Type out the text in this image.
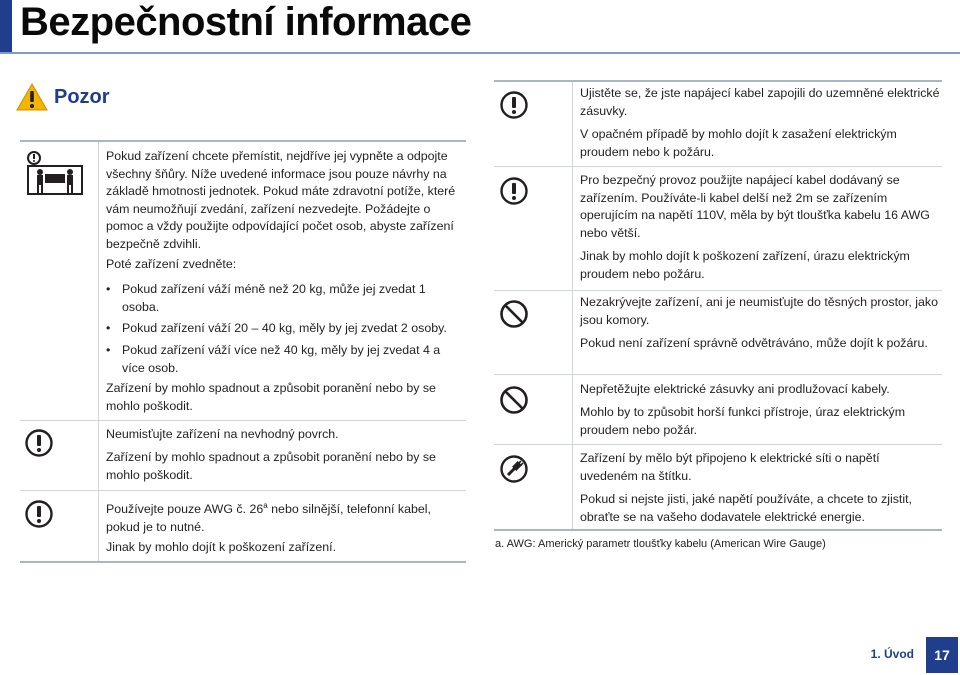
Bezpečnostní informace
Pozor

Pokud zařízení chcete přemístit, nejdříve jej vypněte a odpojte všechny šňůry. Níže uvedené informace jsou pouze návrhy na základě hmotnosti jednotek. Pokud máte zdravotní potíže, které vám neumožňují zvedání, zařízení nezvedejte. Požádejte o pomoc a vždy použijte odpovídající počet osob, abyste zařízení bezpečně zdvihli.

Poté zařízení zvedněte:

• Pokud zařízení váží méně než 20 kg, může jej zvedat 1 osoba.
• Pokud zařízení váží 20 – 40 kg, měly by jej zvedat 2 osoby.
• Pokud zařízení váží více než 40 kg, měly by jej zvedat 4 a více osob.

Zařízení by mohlo spadnout a způsobit poranění nebo by se mohlo poškodit.

Neumisťujte zařízení na nevhodný povrch.

Zařízení by mohlo spadnout a způsobit poranění nebo by se mohlo poškodit.

Používejte pouze AWG č. 26$^a$ nebo silnější, telefonní kabel, pokud je to nutné.

Jinak by mohlo dojít k poškození zařízení.

Ujistěte se, že jste napájecí kabel zapojili do uzemněné elektrické zásuvky.

V opačném případě by mohlo dojít k zasažení elektrickým proudem nebo k požáru.

Pro bezpečný provoz použijte napájecí kabel dodávaný se zařízením. Používáte-li kabel delší než 2m se zařízením operujícím na napětí 110V, měla by být tloušťka kabelu 16 AWG nebo větší.

Jinak by mohlo dojít k poškození zařízení, úrazu elektrickým proudem nebo požáru.

Nezakrývejte zařízení, ani je neumisťujte do těsných prostor, jako jsou komory.

Pokud není zařízení správně odvětráváno, může dojít k požáru.

Nepřetěžujte elektrické zásuvky ani prodlužovací kabely.

Mohlo by to způsobit horší funkci přístroje, úraz elektrickým proudem nebo požár.

Zařízení by mělo být připojeno k elektrické síti o napětí uvedeném na štítku.

Pokud si nejste jisti, jaké napětí používáte, a chcete to zjistit, obraťte se na vašeho dodavatele elektrické energie.

a. AWG: Americký parametr tloušťky kabelu (American Wire Gauge)
1. Úvod	17
